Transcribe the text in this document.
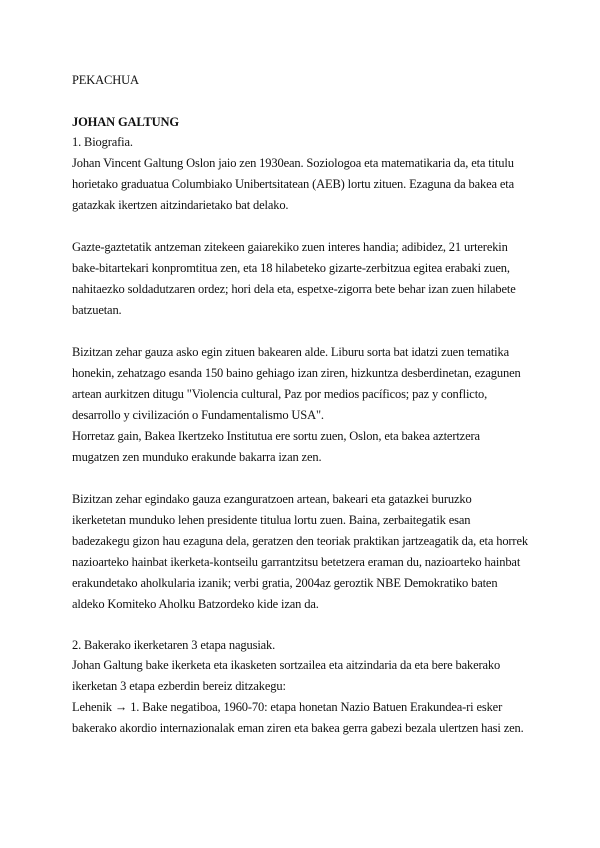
PEKACHUA
JOHAN GALTUNG
1. Biografia.
Johan Vincent Galtung Oslon jaio zen 1930ean. Soziologoa eta matematikaria da, eta titulu
horietako graduatua Columbiako Unibertsitatean (AEB) lortu zituen. Ezaguna da bakea eta
gatazkak ikertzen aitzindarietako bat delako.
Gazte-gaztetatik antzeman zitekeen gaiarekiko zuen interes handia; adibidez, 21 urterekin
bake-bitartekari konpromtitua zen, eta 18 hilabeteko gizarte-zerbitzua egitea erabaki zuen,
nahitaezko soldadutzaren ordez; hori dela eta, espetxe-zigorra bete behar izan zuen hilabete
batzuetan.
Bizitzan zehar gauza asko egin zituen bakearen alde. Liburu sorta bat idatzi zuen tematika
honekin, zehatzago esanda 150 baino gehiago izan ziren, hizkuntza desberdinetan, ezagunen
artean aurkitzen ditugu "Violencia cultural, Paz por medios pacíficos; paz y conflicto,
desarrollo y civilización o Fundamentalismo USA".
Horretaz gain, Bakea Ikertzeko Institutua ere sortu zuen, Oslon, eta bakea aztertzera
mugatzen zen munduko erakunde bakarra izan zen.
Bizitzan zehar egindako gauza ezanguratzoen artean, bakeari eta gatazkei buruzko
ikerketetan munduko lehen presidente titulua lortu zuen. Baina, zerbaitegatik esan
badezakegu gizon hau ezaguna dela, geratzen den teoriak praktikan jartzeagatik da, eta horrek
nazioarteko hainbat ikerketa-kontseilu garrantzitsu betetzera eraman du, nazioarteko hainbat
erakundetako aholkularia izanik; verbi gratia, 2004az geroztik NBE Demokratiko baten
aldeko Komiteko Aholku Batzordeko kide izan da.
2. Bakerako ikerketaren 3 etapa nagusiak.
Johan Galtung bake ikerketa eta ikasketen sortzailea eta aitzindaria da eta bere bakerako
ikerketan 3 etapa ezberdin bereiz ditzakegu:
Lehenik → 1. Bake negatiboa, 1960-70: etapa honetan Nazio Batuen Erakundea-ri esker
bakerako akordio internazionalak eman ziren eta bakea gerra gabezi bezala ulertzen hasi zen.
